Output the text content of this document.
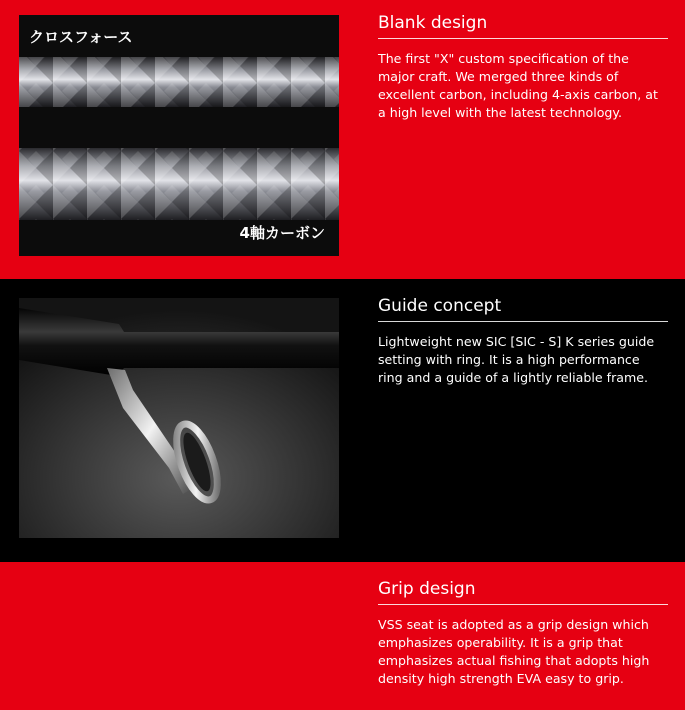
クロスフォース
4軸カーボン
Blank design

The first "X" custom specification of the major craft. We merged three kinds of excellent carbon, including 4-axis carbon, at a high level with the latest technology.

Guide concept

Lightweight new SIC [SIC - S] K series guide setting with ring. It is a high performance ring and a guide of a lightly reliable frame.

Grip design

VSS seat is adopted as a grip design which emphasizes operability. It is a grip that emphasizes actual fishing that adopts high density high strength EVA easy to grip.
